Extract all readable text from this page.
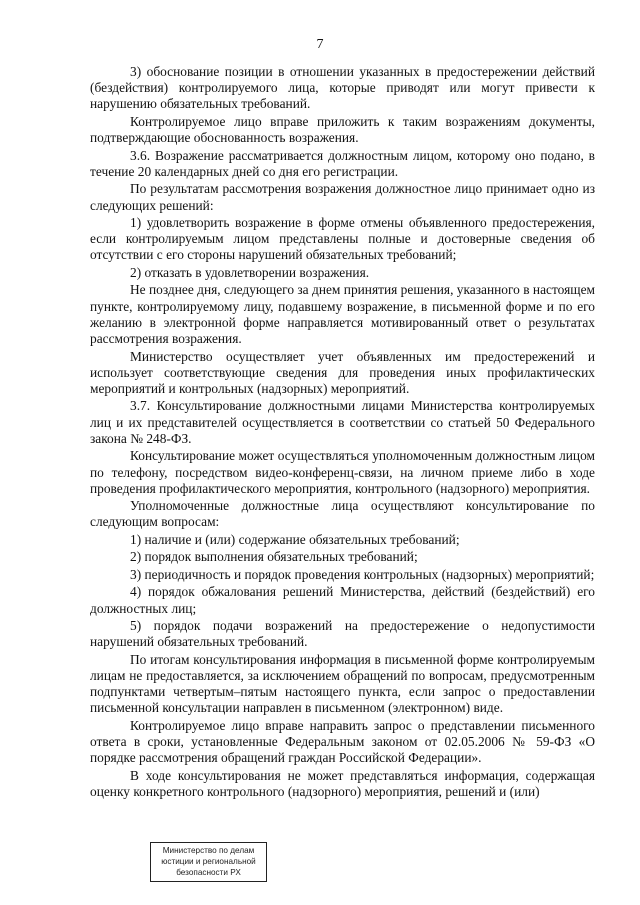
7

3) обоснование позиции в отношении указанных в предостережении действий (бездействия) контролируемого лица, которые приводят или могут привести к нарушению обязательных требований.

Контролируемое лицо вправе приложить к таким возражениям документы, подтверждающие обоснованность возражения.

3.6. Возражение рассматривается должностным лицом, которому оно подано, в течение 20 календарных дней со дня его регистрации.

По результатам рассмотрения возражения должностное лицо принимает одно из следующих решений:

1) удовлетворить возражение в форме отмены объявленного предостережения, если контролируемым лицом представлены полные и достоверные сведения об отсутствии с его стороны нарушений обязательных требований;

2) отказать в удовлетворении возражения.

Не позднее дня, следующего за днем принятия решения, указанного в настоящем пункте, контролируемому лицу, подавшему возражение, в письменной форме и по его желанию в электронной форме направляется мотивированный ответ о результатах рассмотрения возражения.

Министерство осуществляет учет объявленных им предостережений и использует соответствующие сведения для проведения иных профилактических мероприятий и контрольных (надзорных) мероприятий.

3.7. Консультирование должностными лицами Министерства контролируемых лиц и их представителей осуществляется в соответствии со статьей 50 Федерального закона № 248-ФЗ.

Консультирование может осуществляться уполномоченным должностным лицом по телефону, посредством видео-конференц-связи, на личном приеме либо в ходе проведения профилактического мероприятия, контрольного (надзорного) мероприятия.

Уполномоченные должностные лица осуществляют консультирование по следующим вопросам:

1) наличие и (или) содержание обязательных требований;

2) порядок выполнения обязательных требований;

3) периодичность и порядок проведения контрольных (надзорных) мероприятий;

4) порядок обжалования решений Министерства, действий (бездействий) его должностных лиц;

5) порядок подачи возражений на предостережение о недопустимости нарушений обязательных требований.

По итогам консультирования информация в письменной форме контролируемым лицам не предоставляется, за исключением обращений по вопросам, предусмотренным подпунктами четвертым–пятым настоящего пункта, если запрос о предоставлении письменной консультации направлен в письменном (электронном) виде.

Контролируемое лицо вправе направить запрос о представлении письменного ответа в сроки, установленные Федеральным законом от 02.05.2006 № 59-ФЗ «О порядке рассмотрения обращений граждан Российской Федерации».

В ходе консультирования не может представляться информация, содержащая оценку конкретного контрольного (надзорного) мероприятия, решений и (или)

Министерство по делам
юстиции и региональной
безопасности РХ
